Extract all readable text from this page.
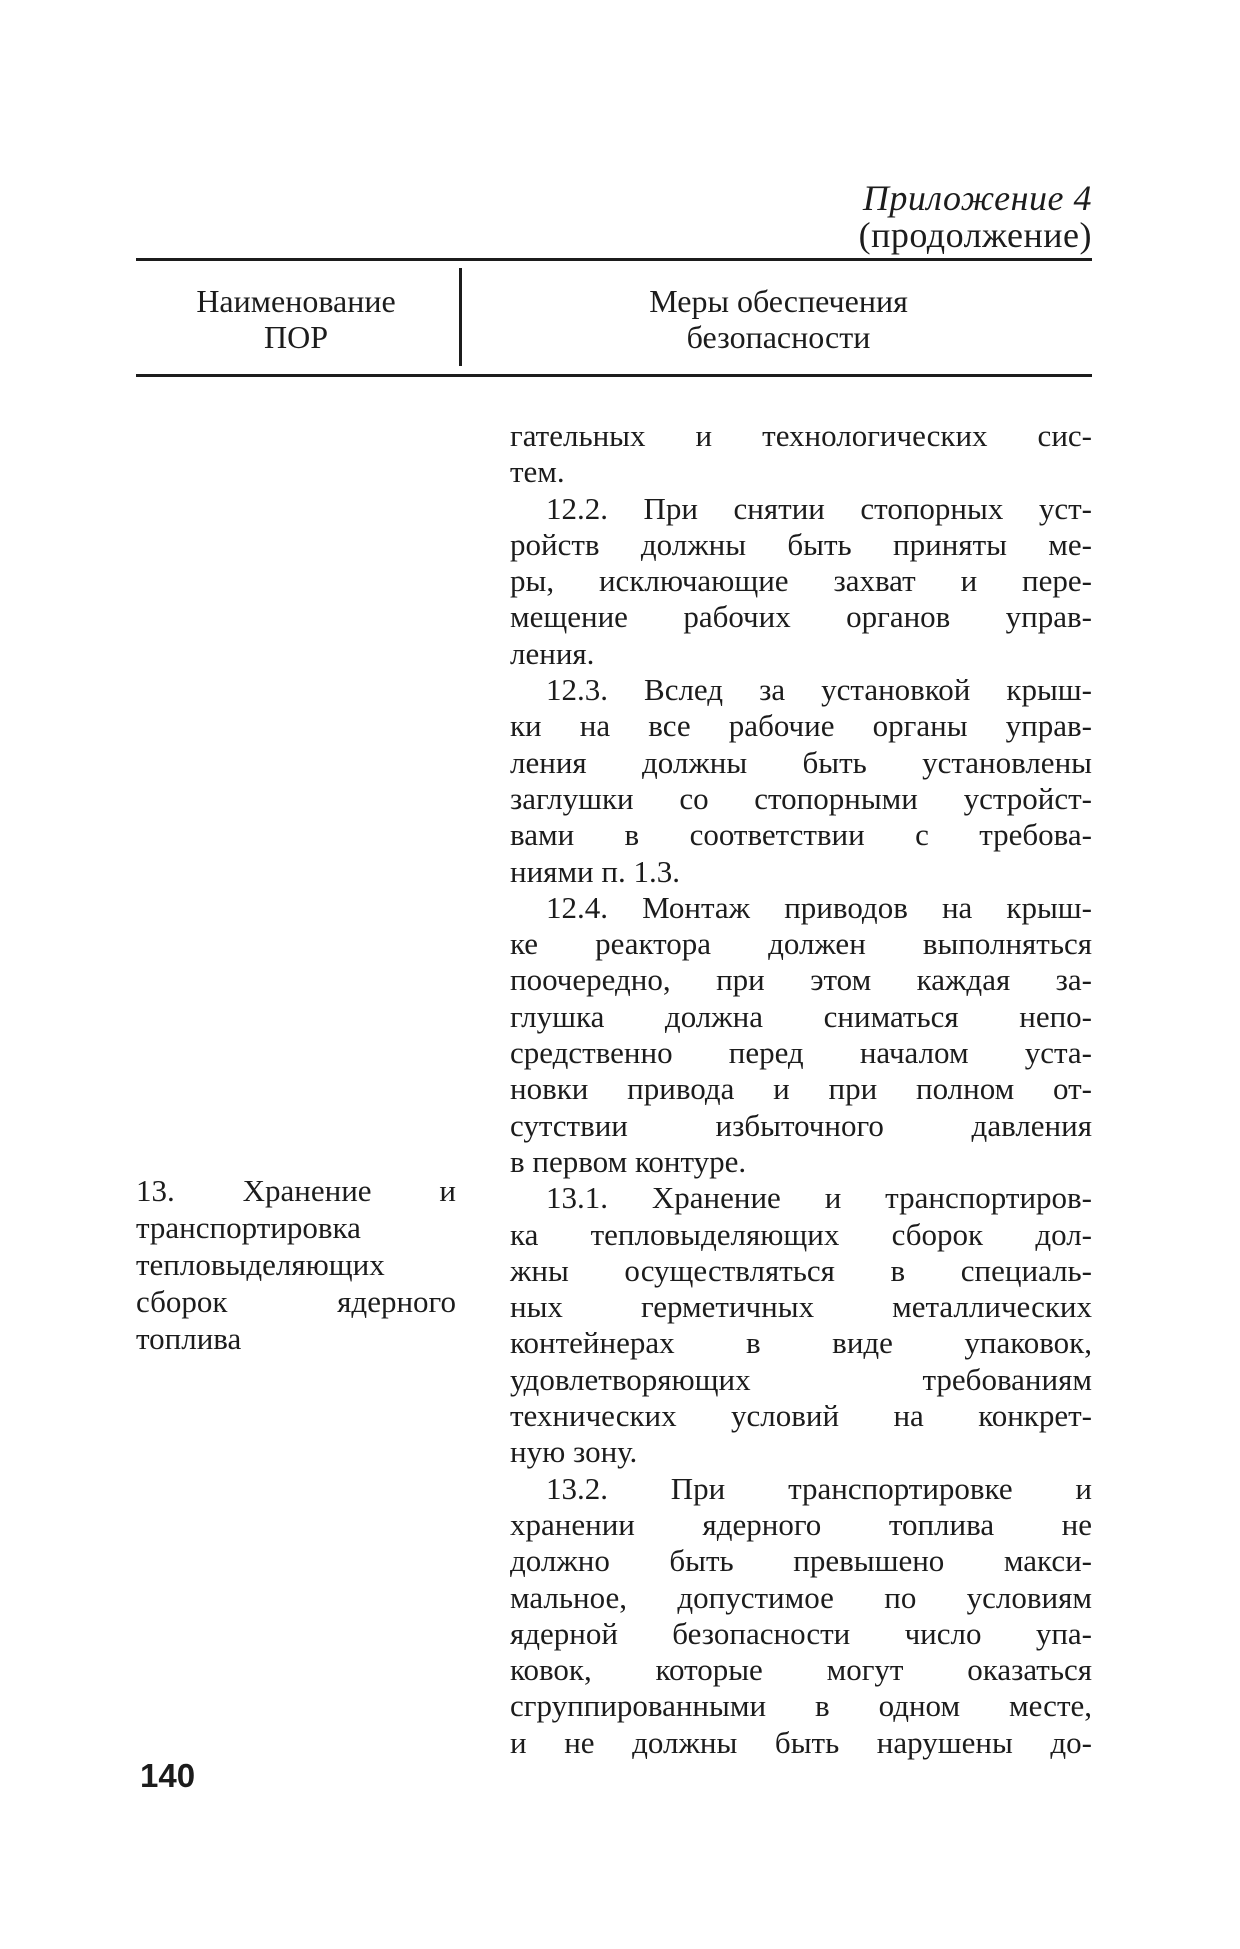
Приложение 4
(продолжение)
Наименование
ПОР
Меры обеспечения
безопасности
гательных и технологических сис-
тем.
12.2. При снятии стопорных уст-
ройств должны быть приняты ме-
ры, исключающие захват и пере-
мещение рабочих органов управ-
ления.
12.3. Вслед за установкой крыш-
ки на все рабочие органы управ-
ления должны быть установлены
заглушки со стопорными устройст-
вами в соответствии с требова-
ниями п. 1.3.
12.4. Монтаж приводов на крыш-
ке реактора должен выполняться
поочередно, при этом каждая за-
глушка должна сниматься непо-
средственно перед началом уста-
новки привода и при полном от-
сутствии избыточного давления
в первом контуре.
13.1. Хранение и транспортиров-
ка тепловыделяющих сборок дол-
жны осуществляться в специаль-
ных герметичных металлических
контейнерах в виде упаковок,
удовлетворяющих требованиям
технических условий на конкрет-
ную зону.
13.2. При транспортировке и
хранении ядерного топлива не
должно быть превышено макси-
мальное, допустимое по условиям
ядерной безопасности число упа-
ковок, которые могут оказаться
сгруппированными в одном месте,
и не должны быть нарушены до-
13. Хранение и
транспортировка
тепловыделяющих
сборок ядерного
топлива
140
